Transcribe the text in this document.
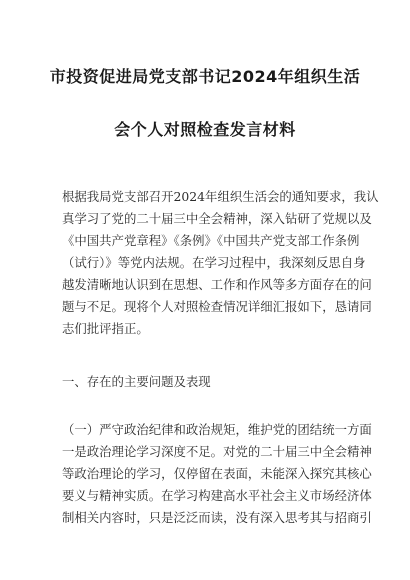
市投资促进局党支部书记2024年组织生活
会个人对照检查发言材料
根据我局党支部召开2024年组织生活会的通知要求，我认
真学习了党的二十届三中全会精神，深入钻研了党规以及
《中国共产党章程》《条例》《中国共产党支部工作条例
（试行）》等党内法规。在学习过程中，我深刻反思自身
越发清晰地认识到在思想、工作和作风等多方面存在的问
题与不足。现将个人对照检查情况详细汇报如下，恳请同
志们批评指正。
一、存在的主要问题及表现
（一）严守政治纪律和政治规矩，维护党的团结统一方面
一是政治理论学习深度不足。对党的二十届三中全会精神
等政治理论的学习，仅停留在表面，未能深入探究其核心
要义与精神实质。在学习构建高水平社会主义市场经济体
制相关内容时，只是泛泛而读，没有深入思考其与招商引
